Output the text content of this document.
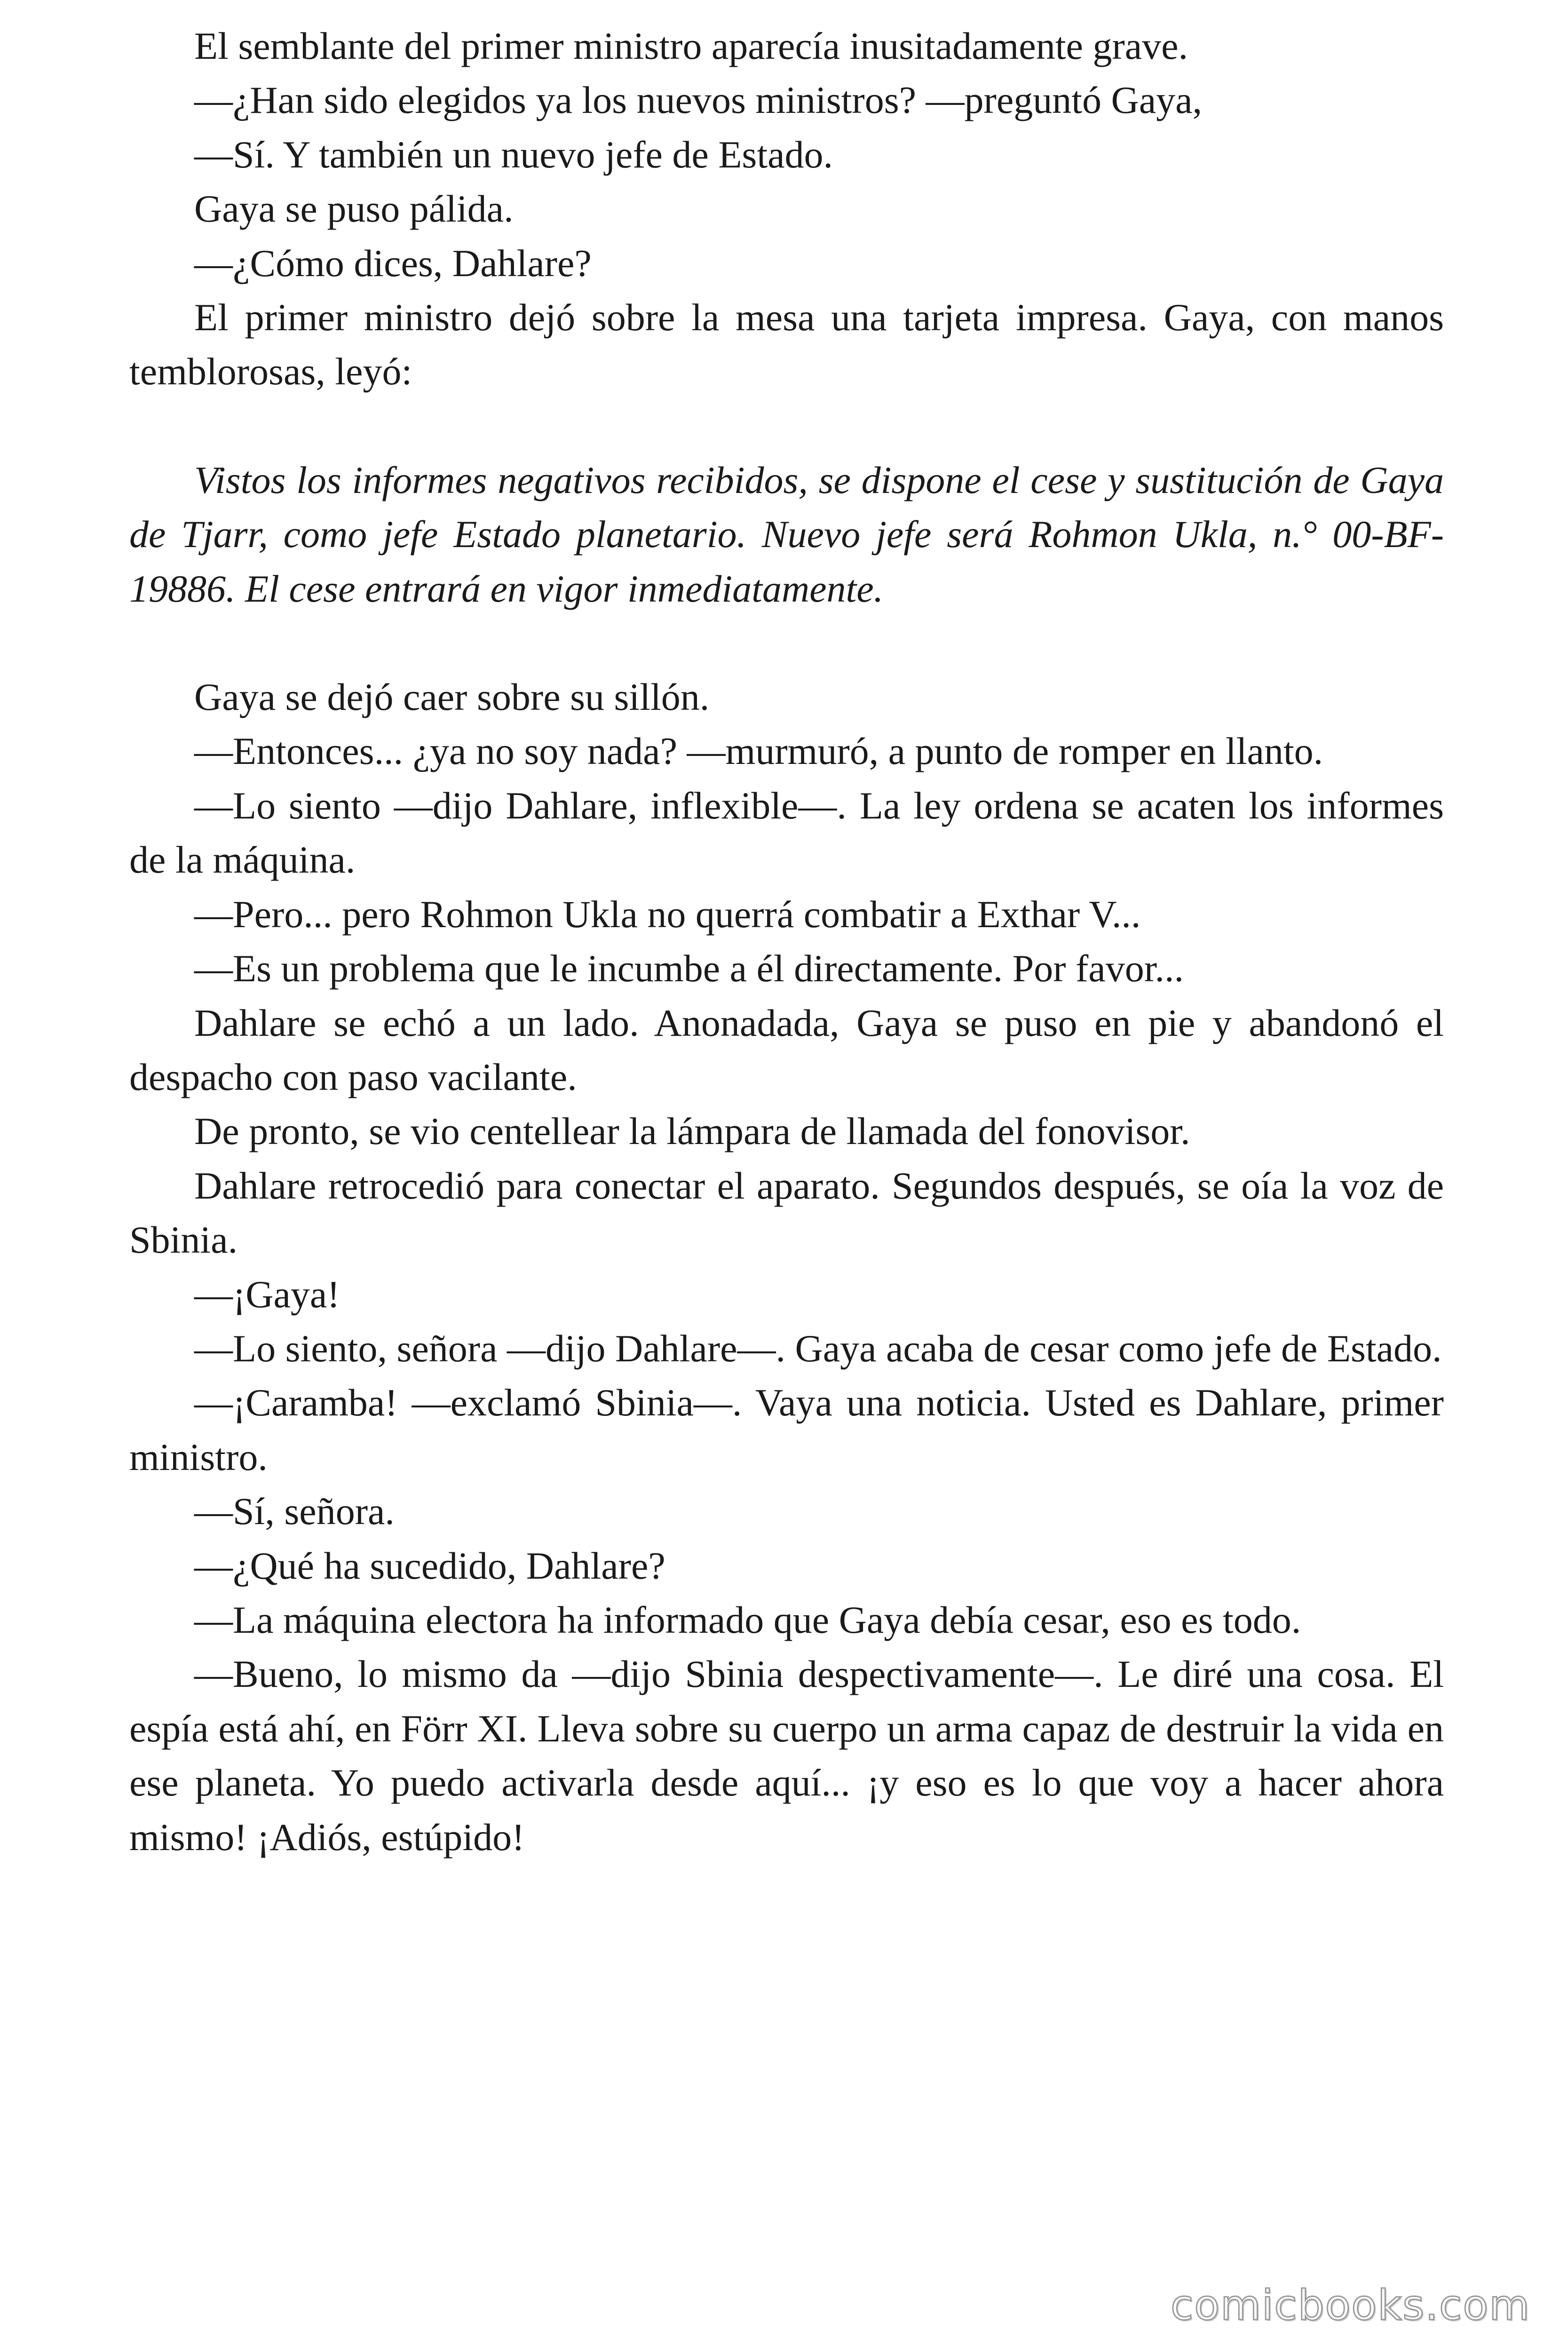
El semblante del primer ministro aparecía inusitadamente grave.

—¿Han sido elegidos ya los nuevos ministros? —preguntó Gaya,

—Sí. Y también un nuevo jefe de Estado.

Gaya se puso pálida.

—¿Cómo dices, Dahlare?

El primer ministro dejó sobre la mesa una tarjeta impresa. Gaya, con manos temblorosas, leyó:

Vistos los informes negativos recibidos, se dispone el cese y sustitución de Gaya de Tjarr, como jefe Estado planetario. Nuevo jefe será Rohmon Ukla, n.° 00-BF-19886. El cese entrará en vigor inmediatamente.

Gaya se dejó caer sobre su sillón.

—Entonces... ¿ya no soy nada? —murmuró, a punto de romper en llanto.

—Lo siento —dijo Dahlare, inflexible—. La ley ordena se acaten los informes de la máquina.

—Pero... pero Rohmon Ukla no querrá combatir a Exthar V...

—Es un problema que le incumbe a él directamente. Por favor...

Dahlare se echó a un lado. Anonadada, Gaya se puso en pie y abandonó el despacho con paso vacilante.

De pronto, se vio centellear la lámpara de llamada del fonovisor.

Dahlare retrocedió para conectar el aparato. Segundos después, se oía la voz de Sbinia.

—¡Gaya!

—Lo siento, señora —dijo Dahlare—. Gaya acaba de cesar como jefe de Estado.

—¡Caramba! —exclamó Sbinia—. Vaya una noticia. Usted es Dahlare, primer ministro.

—Sí, señora.

—¿Qué ha sucedido, Dahlare?

—La máquina electora ha informado que Gaya debía cesar, eso es todo.

—Bueno, lo mismo da —dijo Sbinia despectivamente—. Le diré una cosa. El espía está ahí, en Förr XI. Lleva sobre su cuerpo un arma capaz de destruir la vida en ese planeta. Yo puedo activarla desde aquí... ¡y eso es lo que voy a hacer ahora mismo! ¡Adiós, estúpido!

comicbooks.com
